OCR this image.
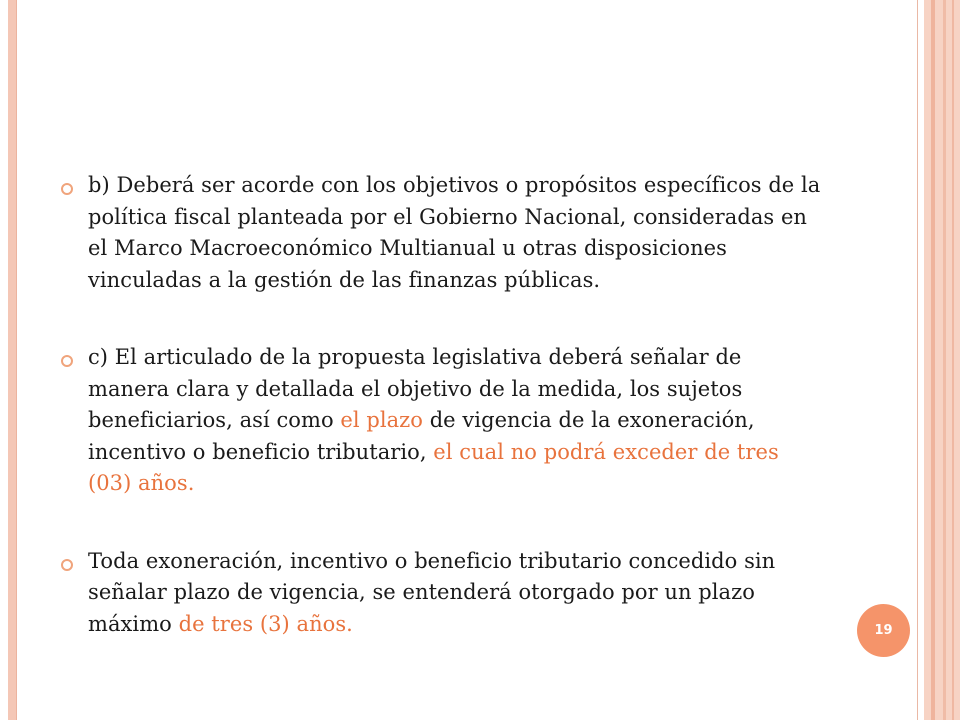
b) Deberá ser acorde con los objetivos o propósitos específicos de la política fiscal planteada por el Gobierno Nacional, consideradas en el Marco Macroeconómico Multianual u otras disposiciones vinculadas a la gestión de las finanzas públicas.
c) El articulado de la propuesta legislativa deberá señalar de manera clara y detallada el objetivo de la medida, los sujetos beneficiarios, así como el plazo de vigencia de la exoneración, incentivo o beneficio tributario, el cual no podrá exceder de tres (03) años.
Toda exoneración, incentivo o beneficio tributario concedido sin señalar plazo de vigencia, se entenderá otorgado por un plazo máximo de tres (3) años.	19
